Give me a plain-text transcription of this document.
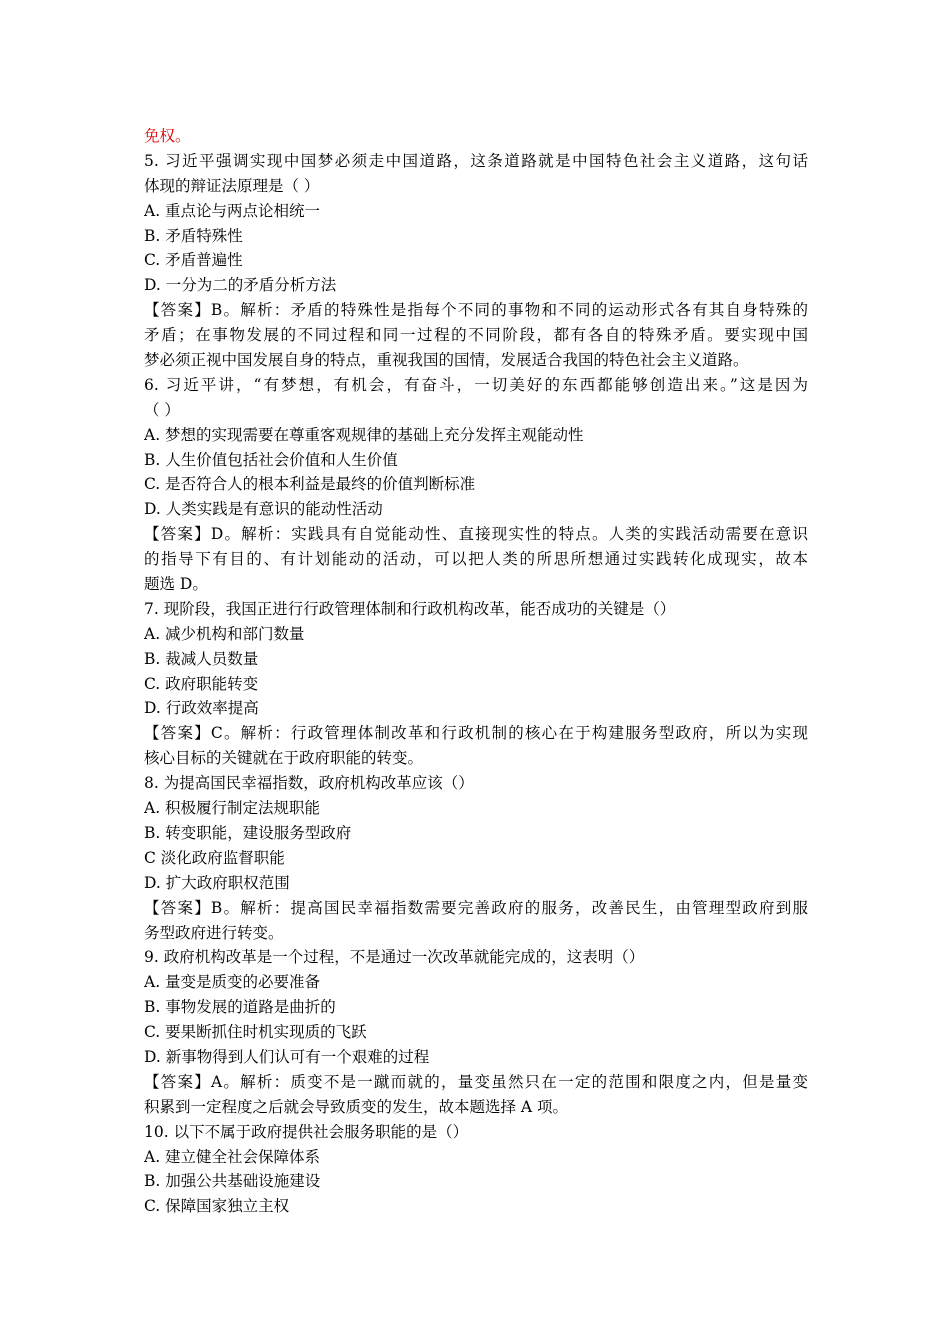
免权。

5. 习近平强调实现中国梦必须走中国道路，这条道路就是中国特色社会主义道路，这句话

体现的辩证法原理是（ ）

A. 重点论与两点论相统一

B. 矛盾特殊性

C. 矛盾普遍性

D. 一分为二的矛盾分析方法

【答案】B。解析：矛盾的特殊性是指每个不同的事物和不同的运动形式各有其自身特殊的

矛盾；在事物发展的不同过程和同一过程的不同阶段，都有各自的特殊矛盾。要实现中国

梦必须正视中国发展自身的特点，重视我国的国情，发展适合我国的特色社会主义道路。

6. 习近平讲，“有梦想，有机会，有奋斗，一切美好的东西都能够创造出来。”这是因为

（ ）

A. 梦想的实现需要在尊重客观规律的基础上充分发挥主观能动性

B. 人生价值包括社会价值和人生价值

C. 是否符合人的根本利益是最终的价值判断标准

D. 人类实践是有意识的能动性活动

【答案】D。解析：实践具有自觉能动性、直接现实性的特点。人类的实践活动需要在意识

的指导下有目的、有计划能动的活动，可以把人类的所思所想通过实践转化成现实，故本

题选 D。

7. 现阶段，我国正进行行政管理体制和行政机构改革，能否成功的关键是（）

A. 减少机构和部门数量

B. 裁减人员数量

C. 政府职能转变

D. 行政效率提高

【答案】C。解析：行政管理体制改革和行政机制的核心在于构建服务型政府，所以为实现

核心目标的关键就在于政府职能的转变。

8. 为提高国民幸福指数，政府机构改革应该（）

A. 积极履行制定法规职能

B. 转变职能，建设服务型政府

C 淡化政府监督职能

D. 扩大政府职权范围

【答案】B。解析：提高国民幸福指数需要完善政府的服务，改善民生，由管理型政府到服

务型政府进行转变。

9. 政府机构改革是一个过程，不是通过一次改革就能完成的，这表明（）

A. 量变是质变的必要准备

B. 事物发展的道路是曲折的

C. 要果断抓住时机实现质的飞跃

D. 新事物得到人们认可有一个艰难的过程

【答案】A。解析：质变不是一蹴而就的，量变虽然只在一定的范围和限度之内，但是量变

积累到一定程度之后就会导致质变的发生，故本题选择 A 项。

10. 以下不属于政府提供社会服务职能的是（）

A. 建立健全社会保障体系

B. 加强公共基础设施建设

C. 保障国家独立主权
